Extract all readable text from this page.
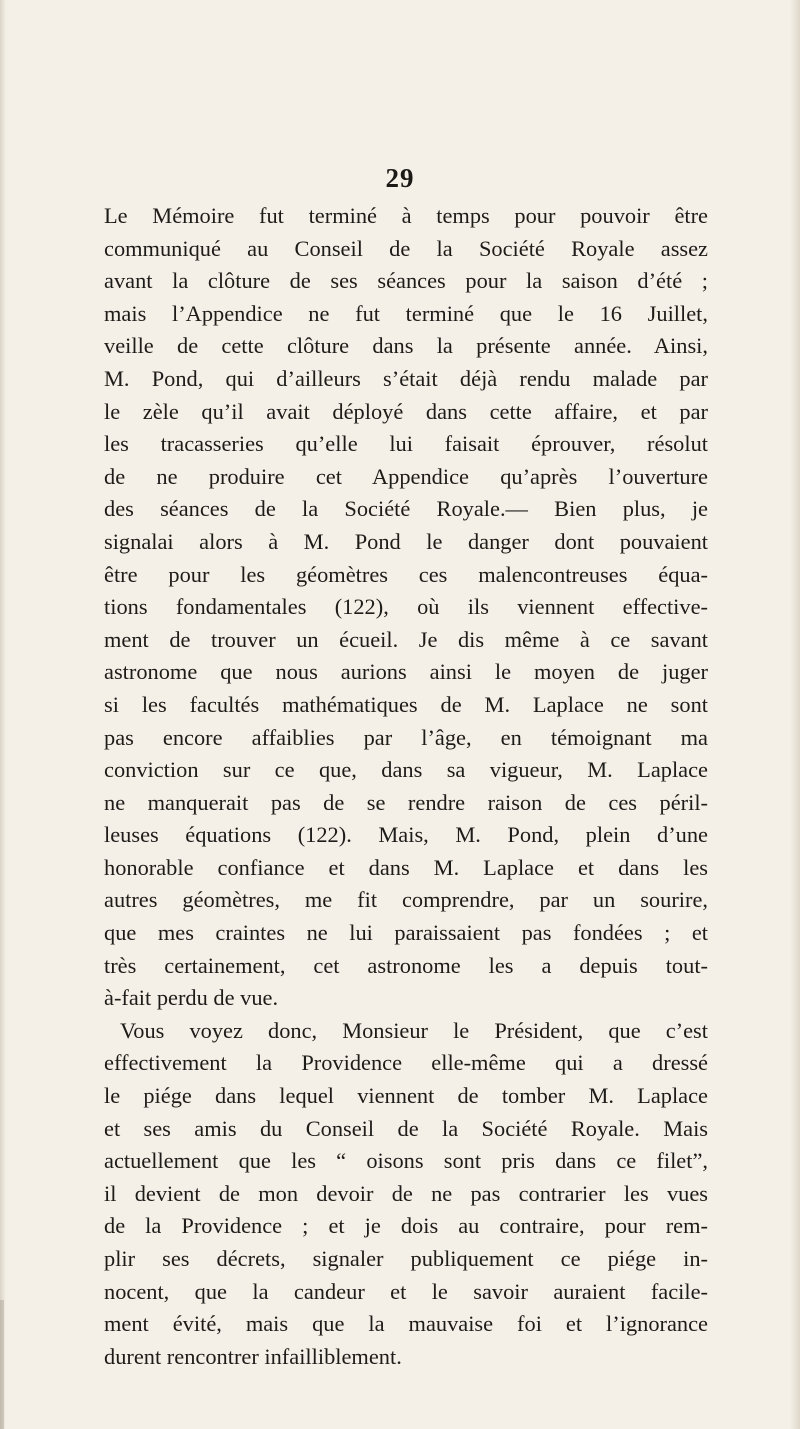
29
Le Mémoire fut terminé à temps pour pouvoir être
communiqué au Conseil de la Société Royale assez
avant la clôture de ses séances pour la saison d’été ;
mais l’Appendice ne fut terminé que le 16 Juillet,
veille de cette clôture dans la présente année. Ainsi,
M. Pond, qui d’ailleurs s’était déjà rendu malade par
le zèle qu’il avait déployé dans cette affaire, et par
les tracasseries qu’elle lui faisait éprouver, résolut
de ne produire cet Appendice qu’après l’ouverture
des séances de la Société Royale.— Bien plus, je
signalai alors à M. Pond le danger dont pouvaient
être pour les géomètres ces malencontreuses équa-
tions fondamentales (122), où ils viennent effective-
ment de trouver un écueil. Je dis même à ce savant
astronome que nous aurions ainsi le moyen de juger
si les facultés mathématiques de M. Laplace ne sont
pas encore affaiblies par l’âge, en témoignant ma
conviction sur ce que, dans sa vigueur, M. Laplace
ne manquerait pas de se rendre raison de ces péril-
leuses équations (122). Mais, M. Pond, plein d’une
honorable confiance et dans M. Laplace et dans les
autres géomètres, me fit comprendre, par un sourire,
que mes craintes ne lui paraissaient pas fondées ; et
très certainement, cet astronome les a depuis tout-
à-fait perdu de vue.
Vous voyez donc, Monsieur le Président, que c’est
effectivement la Providence elle-même qui a dressé
le piége dans lequel viennent de tomber M. Laplace
et ses amis du Conseil de la Société Royale. Mais
actuellement que les “ oisons sont pris dans ce filet”,
il devient de mon devoir de ne pas contrarier les vues
de la Providence ; et je dois au contraire, pour rem-
plir ses décrets, signaler publiquement ce piége in-
nocent, que la candeur et le savoir auraient facile-
ment évité, mais que la mauvaise foi et l’ignorance
durent rencontrer infailliblement.
